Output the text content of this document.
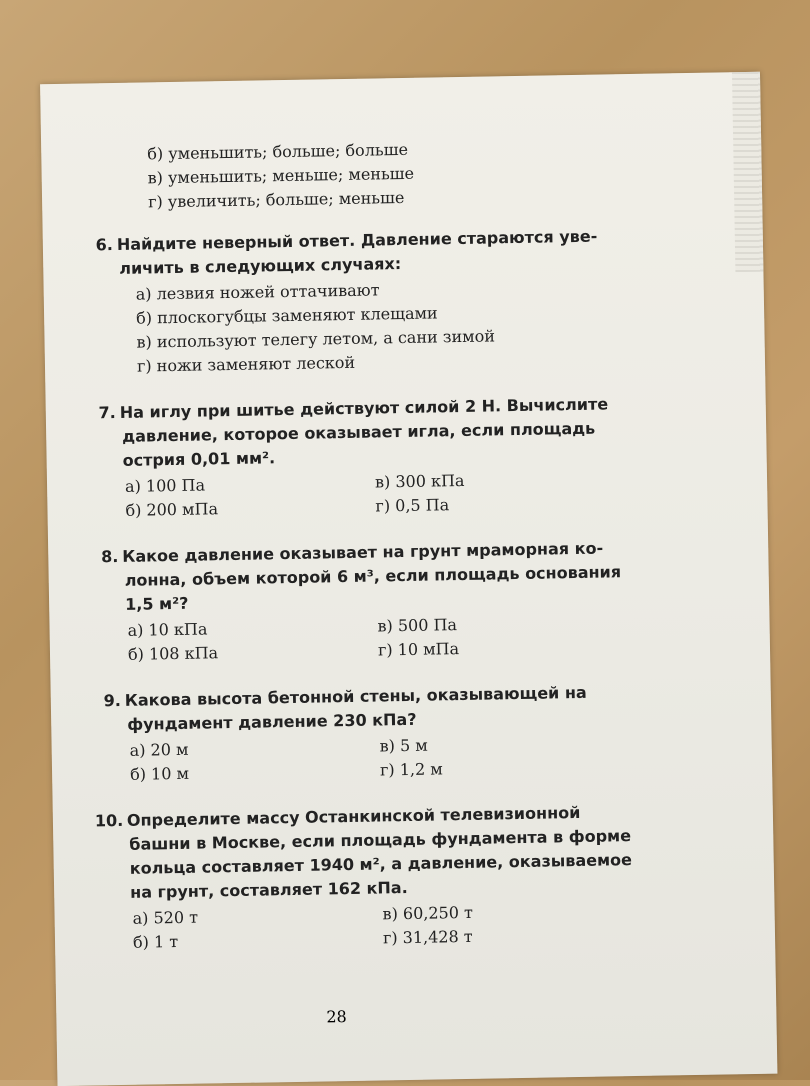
б) уменьшить; больше; больше
в) уменьшить; меньше; меньше
г) увеличить; больше; меньше
6. Найдите неверный ответ. Давление стараются уве-
личить в следующих случаях:
а) лезвия ножей оттачивают
б) плоскогубцы заменяют клещами
в) используют телегу летом, а сани зимой
г) ножи заменяют леской
7. На иглу при шитье действуют силой 2 Н. Вычислите
давление, которое оказывает игла, если площадь
острия 0,01 мм².
а) 100 Па	в) 300 кПа
б) 200 мПа	г) 0,5 Па
8. Какое давление оказывает на грунт мраморная ко-
лонна, объем которой 6 м³, если площадь основания
1,5 м²?
а) 10 кПа	в) 500 Па
б) 108 кПа	г) 10 мПа
9. Какова высота бетонной стены, оказывающей на
фундамент давление 230 кПа?
а) 20 м	в) 5 м
б) 10 м	г) 1,2 м
10. Определите массу Останкинской телевизионной
башни в Москве, если площадь фундамента в форме
кольца составляет 1940 м², а давление, оказываемое
на грунт, составляет 162 кПа.
а) 520 т	в) 60,250 т
б) 1 т	г) 31,428 т
28
